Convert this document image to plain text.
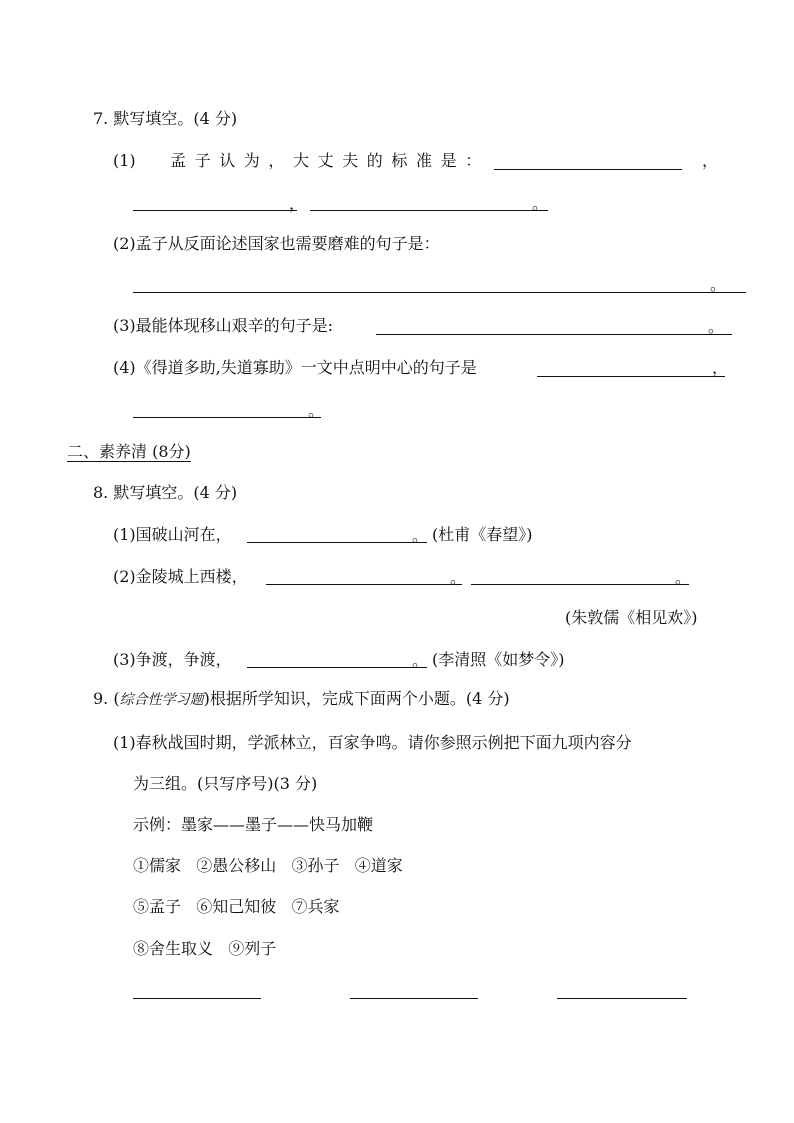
7. 默写填空。(4 分)
(1) 孟子认为，大丈夫的标准是：	，
，	。
(2)孟子从反面论述国家也需要磨难的句子是：
。
(3)最能体现移山艰辛的句子是:	。
(4)《得道多助,失道寡助》一文中点明中心的句子是	，
。
二、素养清 (8分)
8. 默写填空。(4 分)
(1)国破山河在，	。 (杜甫《春望》)
(2)金陵城上西楼，	。	。
(朱敦儒《相见欢》)
(3)争渡，争渡，	。 (李清照《如梦令》)
9. (综合性学习题)根据所学知识，完成下面两个小题。(4 分)
(1)春秋战国时期，学派林立，百家争鸣。请你参照示例把下面九项内容分
为三组。(只写序号)(3 分)
示例：墨家——墨子——快马加鞭
①儒家   ②愚公移山   ③孙子   ④道家
⑤孟子   ⑥知己知彼   ⑦兵家
⑧舍生取义   ⑨列子
